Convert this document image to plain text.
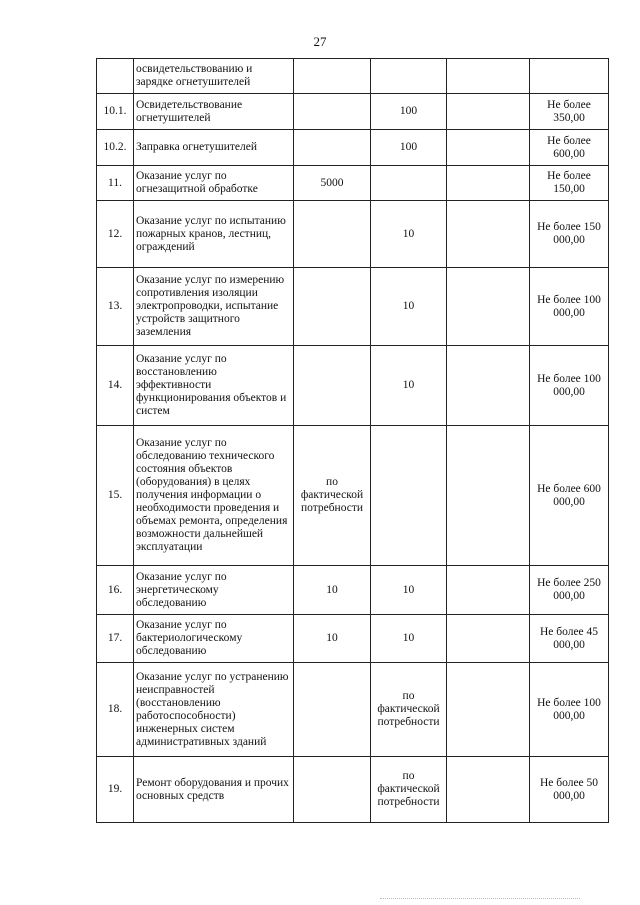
27
	освидетельствованию и зарядке огнетушителей				
10.1.	Освидетельствование огнетушителей		100		Не более 350,00
10.2.	Заправка огнетушителей		100		Не более 600,00
11.	Оказание услуг по огнезащитной обработке	5000			Не более 150,00
12.	Оказание услуг по испытанию пожарных кранов, лестниц, ограждений		10		Не более 150 000,00
13.	Оказание услуг по измерению сопротивления изоляции электропроводки, испытание устройств защитного заземления		10		Не более 100 000,00
14.	Оказание услуг по восстановлению эффективности функционирования объектов и систем		10		Не более 100 000,00
15.	Оказание услуг по обследованию технического состояния объектов (оборудования) в целях получения информации о необходимости проведения и объемах ремонта, определения возможности дальнейшей эксплуатации	по фактической потребности			Не более 600 000,00
16.	Оказание услуг по энергетическому обследованию	10	10		Не более 250 000,00
17.	Оказание услуг по бактериологическому обследованию	10	10		Не более 45 000,00
18.	Оказание услуг по устранению неисправностей (восстановлению работоспособности) инженерных систем административных зданий		по фактической потребности		Не более 100 000,00
19.	Ремонт оборудования и прочих основных средств		по фактической потребности		Не более 50 000,00
